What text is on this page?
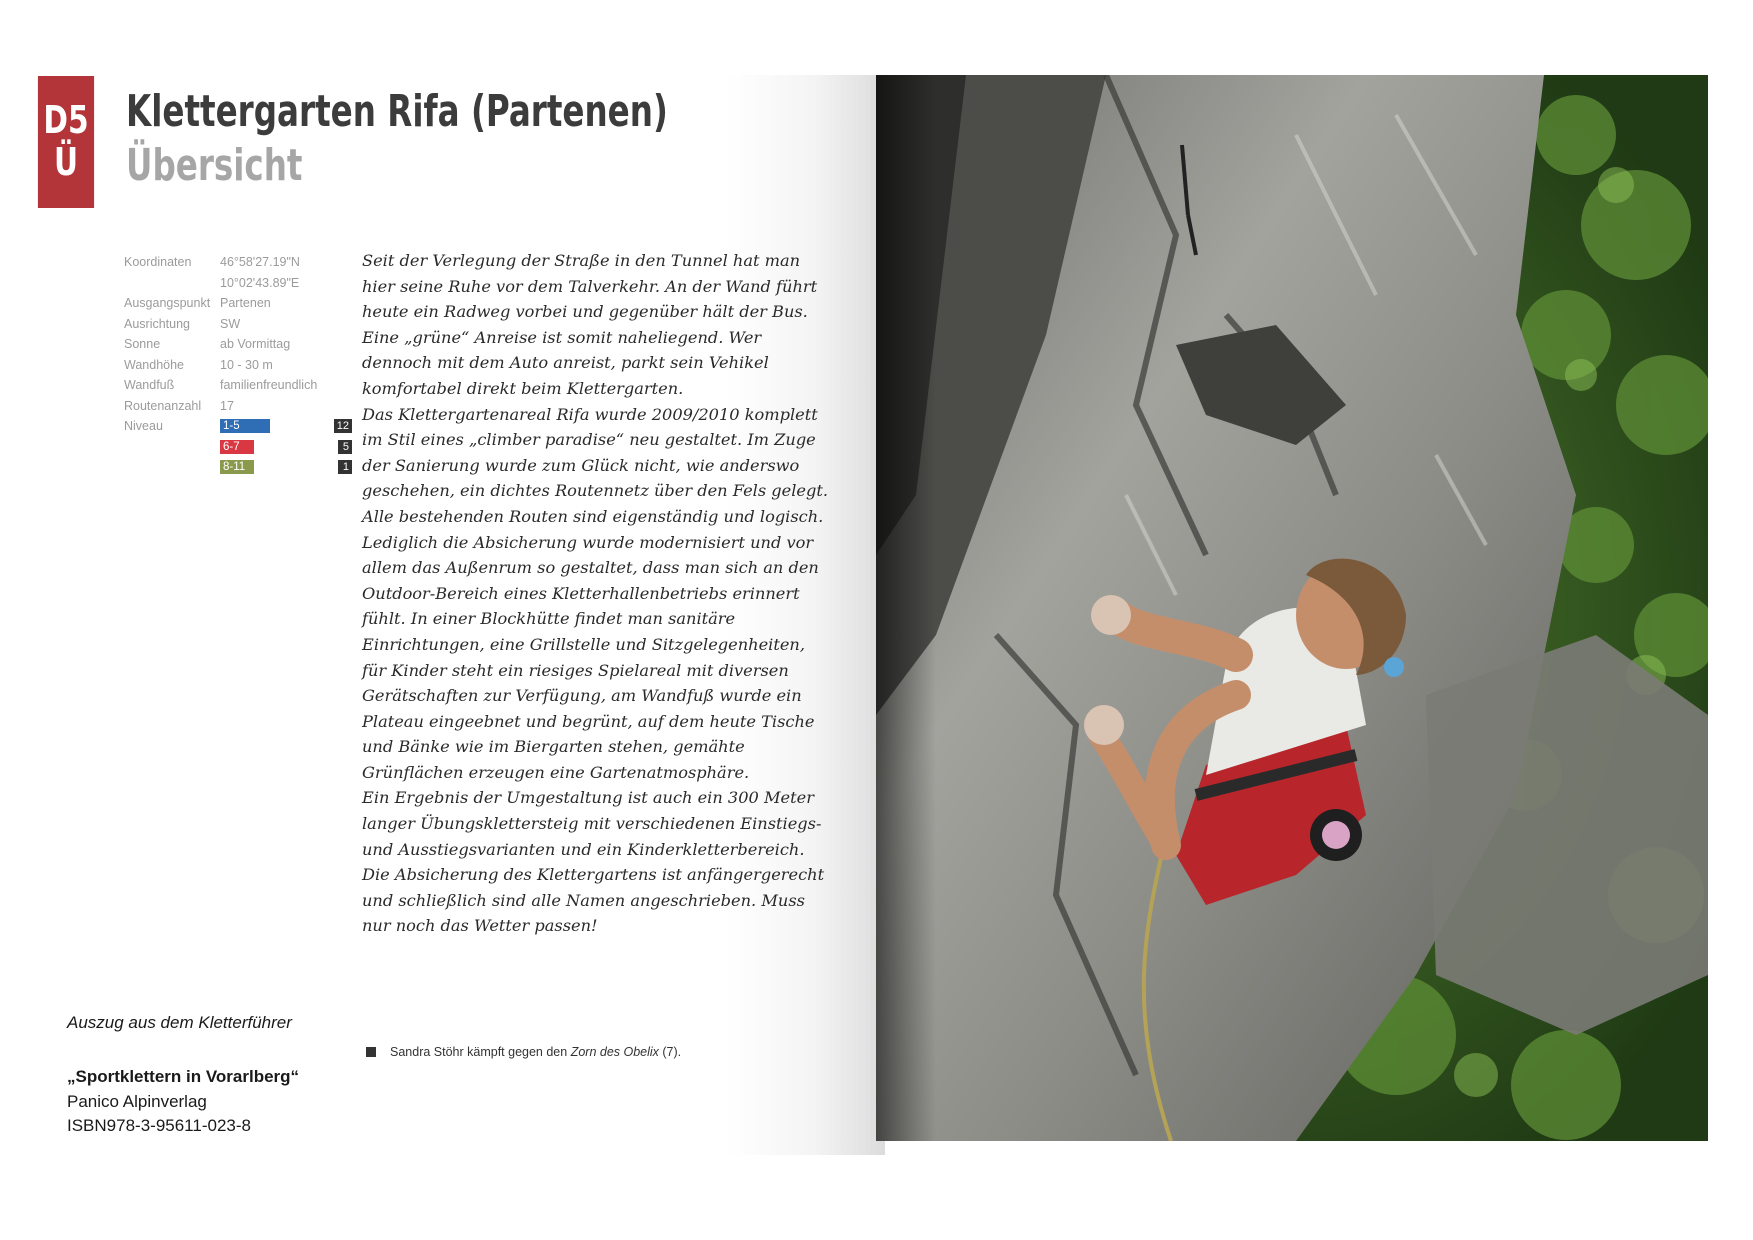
D5
Ü
Klettergarten Rifa (Partenen)
Übersicht
Koordinaten	46°58'27.19"N
10°02'43.89"E
Ausgangspunkt Partenen
Ausrichtung	SW
Sonne	ab Vormittag
Wandhöhe	10 - 30 m
Wandfuß	familienfreundlich
Routenanzahl	17
Niveau	1-5	12
6-7	5
8-11	1

Seit der Verlegung der Straße in den Tunnel hat man hier seine Ruhe vor dem Talverkehr. An der Wand führt heute ein Radweg vorbei und gegenüber hält der Bus. Eine „grüne“ Anreise ist somit naheliegend. Wer dennoch mit dem Auto anreist, parkt sein Vehikel komfortabel direkt beim Klettergarten.

Das Klettergartenareal Rifa wurde 2009/2010 komplett im Stil eines „climber paradise“ neu gestaltet. Im Zuge der Sanierung wurde zum Glück nicht, wie anderswo geschehen, ein dichtes Routennetz über den Fels gelegt. Alle bestehenden Routen sind eigenständig und logisch. Lediglich die Absicherung wurde modernisiert und vor allem das Außenrum so gestaltet, dass man sich an den Outdoor-Bereich eines Kletterhallenbetriebs erinnert fühlt. In einer Blockhütte findet man sanitäre Einrichtungen, eine Grillstelle und Sitzgelegenheiten, für Kinder steht ein riesiges Spielareal mit diversen Gerätschaften zur Verfügung, am Wandfuß wurde ein Plateau eingeebnet und begrünt, auf dem heute Tische und Bänke wie im Biergarten stehen, gemähte Grünflächen erzeugen eine Gartenatmosphäre.

Ein Ergebnis der Umgestaltung ist auch ein 300 Meter langer Übungsklettersteig mit verschiedenen Einstiegs- und Ausstiegsvarianten und ein Kinderkletterbereich. Die Absicherung des Klettergartens ist anfängergerecht und schließlich sind alle Namen angeschrieben. Muss nur noch das Wetter passen!

Sandra Stöhr kämpft gegen den Zorn des Obelix (7).
Auszug aus dem Kletterführer
„Sportklettern in Vorarlberg“
Panico Alpinverlag
ISBN978-3-95611-023-8
